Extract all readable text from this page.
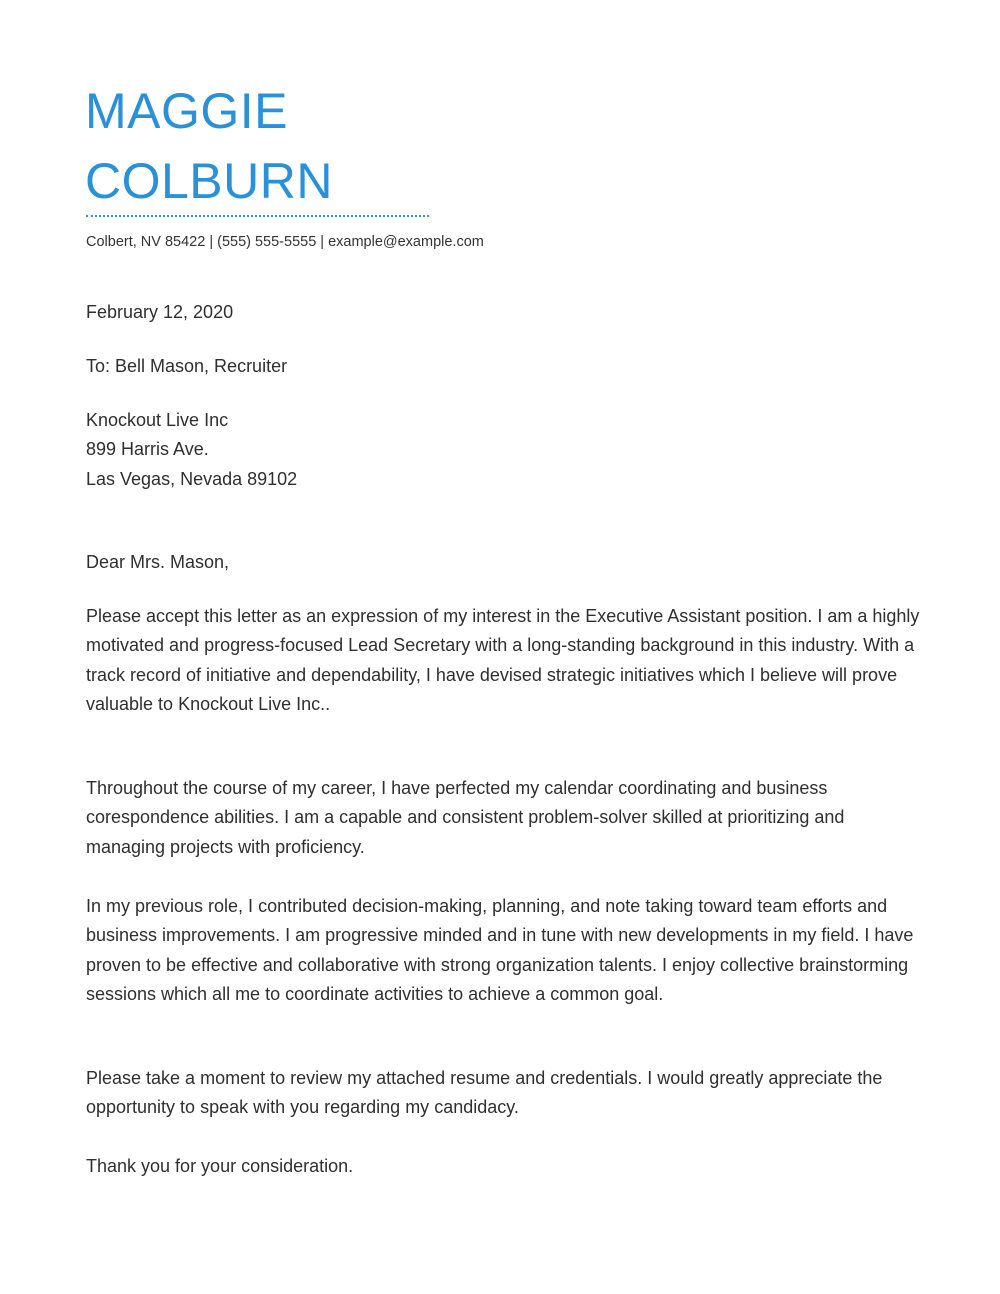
MAGGIE
COLBURN
Colbert, NV 85422 | (555) 555-5555 | example@example.com

February 12, 2020

To: Bell Mason, Recruiter

Knockout Live Inc
899 Harris Ave.
Las Vegas, Nevada 89102

Dear Mrs. Mason,

Please accept this letter as an expression of my interest in the Executive Assistant position. I am a highly motivated and progress-focused Lead Secretary with a long-standing background in this industry. With a track record of initiative and dependability, I have devised strategic initiatives which I believe will prove valuable to Knockout Live Inc..

Throughout the course of my career, I have perfected my calendar coordinating and business corespondence abilities. I am a capable and consistent problem-solver skilled at prioritizing and managing projects with proficiency.

In my previous role, I contributed decision-making, planning, and note taking toward team efforts and business improvements. I am progressive minded and in tune with new developments in my field. I have proven to be effective and collaborative with strong organization talents. I enjoy collective brainstorming sessions which all me to coordinate activities to achieve a common goal.

Please take a moment to review my attached resume and credentials. I would greatly appreciate the opportunity to speak with you regarding my candidacy.

Thank you for your consideration.
